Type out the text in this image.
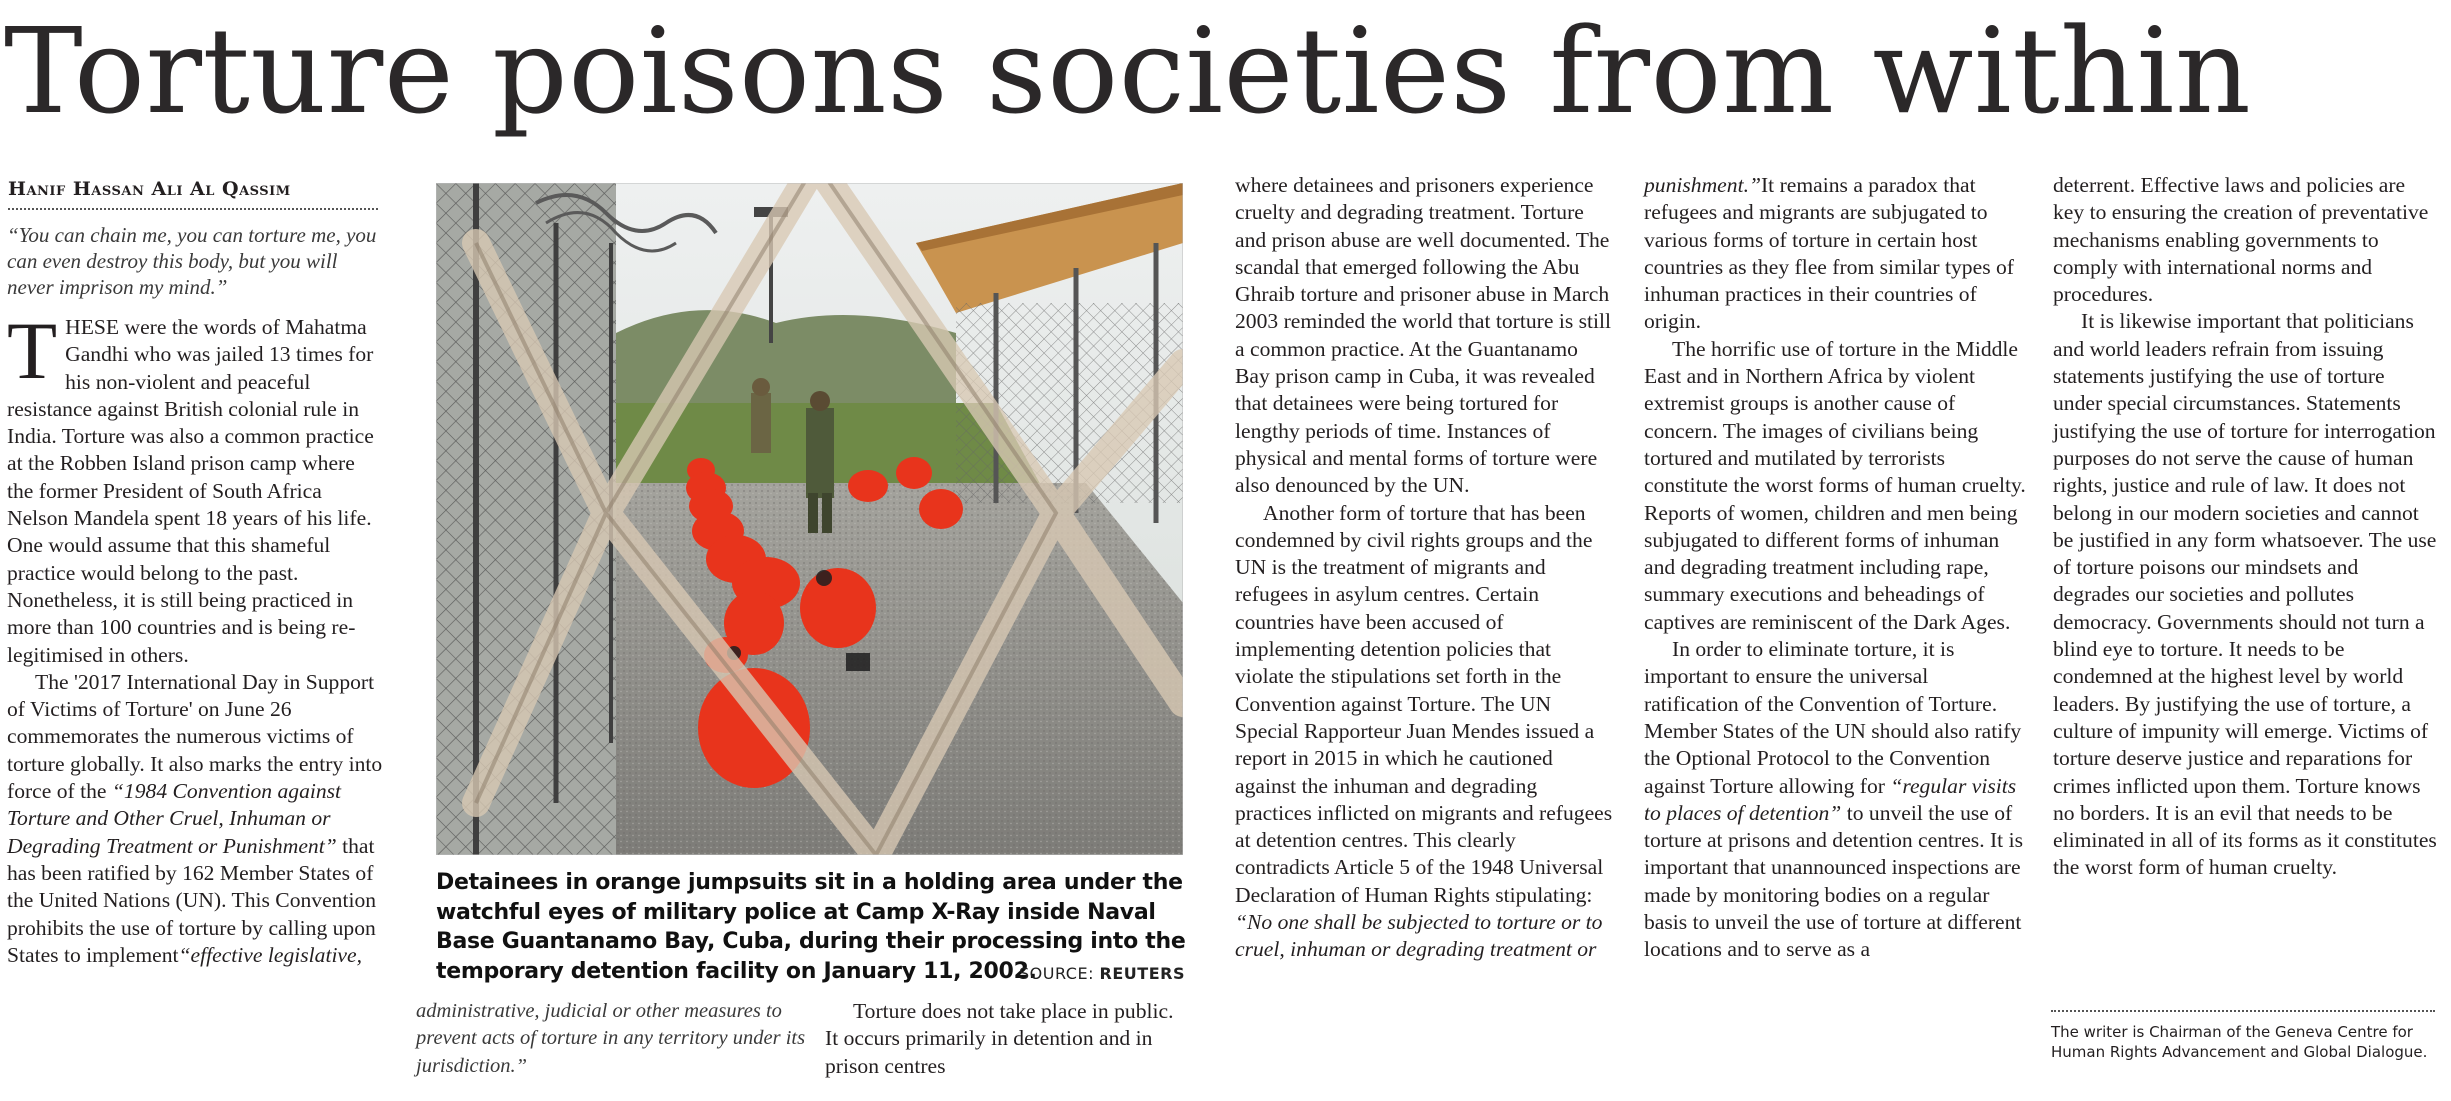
Torture poisons societies from within
Hanif Hassan Ali Al Qassim

“You can chain me, you can torture me, you can even destroy this body, but you will never imprison my mind.”

THESE were the words of Mahatma Gandhi who was jailed 13 times for his non-violent and peaceful resistance against British colonial rule in India. Torture was also a common practice at the Robben Island prison camp where the former President of South Africa Nelson Mandela spent 18 years of his life. One would assume that this shameful practice would belong to the past. Nonetheless, it is still being practiced in more than 100 countries and is being re-legitimised in others.

The '2017 International Day in Support of Victims of Torture' on June 26 commemorates the numerous victims of torture globally. It also marks the entry into force of the “1984 Convention against Torture and Other Cruel, Inhuman or Degrading Treatment or Punishment” that has been ratified by 162 Member States of the United Nations (UN). This Convention prohibits the use of torture by calling upon States to implement“effective legislative,

Detainees in orange jumpsuits sit in a holding area under the watchful eyes of military police at Camp X-Ray inside Naval Base Guantanamo Bay, Cuba, during their processing into the temporary detention facility on January 11, 2002.
SOURCE: REUTERS

administrative, judicial or other measures to prevent acts of torture in any territory under its jurisdiction.”

Torture does not take place in public. It occurs primarily in detention and in prison centres

where detainees and prisoners experience cruelty and degrading treatment. Torture and prison abuse are well documented. The scandal that emerged following the Abu Ghraib torture and prisoner abuse in March 2003 reminded the world that torture is still a common practice. At the Guantanamo Bay prison camp in Cuba, it was revealed that detainees were being tortured for lengthy periods of time. Instances of physical and mental forms of torture were also denounced by the UN.

Another form of torture that has been condemned by civil rights groups and the UN is the treatment of migrants and refugees in asylum centres. Certain countries have been accused of implementing detention policies that violate the stipulations set forth in the Convention against Torture. The UN Special Rapporteur Juan Mendes issued a report in 2015 in which he cautioned against the inhuman and degrading practices inflicted on migrants and refugees at detention centres. This clearly contradicts Article 5 of the 1948 Universal Declaration of Human Rights stipulating: “No one shall be subjected to torture or to cruel, inhuman or degrading treatment or

punishment.”It remains a paradox that refugees and migrants are subjugated to various forms of torture in certain host countries as they flee from similar types of inhuman practices in their countries of origin.

The horrific use of torture in the Middle East and in Northern Africa by violent extremist groups is another cause of concern. The images of civilians being tortured and mutilated by terrorists constitute the worst forms of human cruelty. Reports of women, children and men being subjugated to different forms of inhuman and degrading treatment including rape, summary executions and beheadings of captives are reminiscent of the Dark Ages.

In order to eliminate torture, it is important to ensure the universal ratification of the Convention of Torture. Member States of the UN should also ratify the Optional Protocol to the Convention against Torture allowing for “regular visits to places of detention” to unveil the use of torture at prisons and detention centres. It is important that unannounced inspections are made by monitoring bodies on a regular basis to unveil the use of torture at different locations and to serve as a

deterrent. Effective laws and policies are key to ensuring the creation of preventative mechanisms enabling governments to comply with international norms and procedures.

It is likewise important that politicians and world leaders refrain from issuing statements justifying the use of torture under special circumstances. Statements justifying the use of torture for interrogation purposes do not serve the cause of human rights, justice and rule of law. It does not belong in our modern societies and cannot be justified in any form whatsoever. The use of torture poisons our mindsets and degrades our societies and pollutes democracy. Governments should not turn a blind eye to torture. It needs to be condemned at the highest level by world leaders. By justifying the use of torture, a culture of impunity will emerge. Victims of torture deserve justice and reparations for crimes inflicted upon them. Torture knows no borders. It is an evil that needs to be eliminated in all of its forms as it constitutes the worst form of human cruelty.

The writer is Chairman of the Geneva Centre for Human Rights Advancement and Global Dialogue.
